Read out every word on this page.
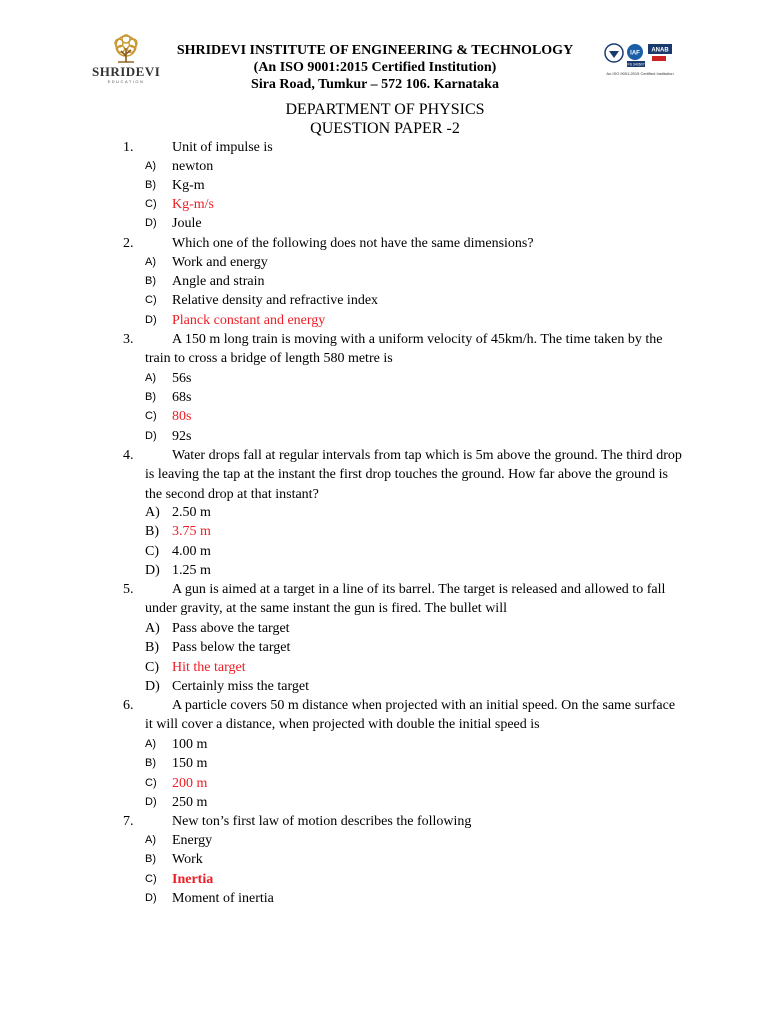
SHRIDEVI
EDUCATION
SHRIDEVI INSTITUTE OF ENGINEERING & TECHNOLOGY
(An ISO 9001:2015 Certified Institution)
Sira Road, Tumkur – 572 106. Karnataka
IAF ANAB
FS 343607
An ISO 9001:2015 Certified Institution
DEPARTMENT OF PHYSICS
QUESTION PAPER -2
1.	Unit of impulse is
A) newton
B) Kg-m
C) Kg-m/s
D) Joule
2.	Which one of the following does not have the same dimensions?
A) Work and energy
B) Angle and strain
C) Relative density and refractive index
D) Planck constant and energy
3.	A 150 m long train is moving with a uniform velocity of 45km/h. The time taken by the train to cross a bridge of length 580 metre is
A) 56s
B) 68s
C) 80s
D) 92s
4.	Water drops fall at regular intervals from tap which is 5m above the ground. The third drop is leaving the tap at the instant the first drop touches the ground. How far above the ground is the second drop at that instant?
A) 2.50 m
B) 3.75 m
C) 4.00 m
D) 1.25 m
5.	A gun is aimed at a target in a line of its barrel. The target is released and allowed to fall under gravity, at the same instant the gun is fired. The bullet will
A) Pass above the target
B) Pass below the target
C) Hit the target
D) Certainly miss the target
6.	A particle covers 50 m distance when projected with an initial speed. On the same surface it will cover a distance, when projected with double the initial speed is
A) 100 m
B) 150 m
C) 200 m
D) 250 m
7.	New ton’s first law of motion describes the following
A) Energy
B) Work
C) Inertia
D) Moment of inertia
